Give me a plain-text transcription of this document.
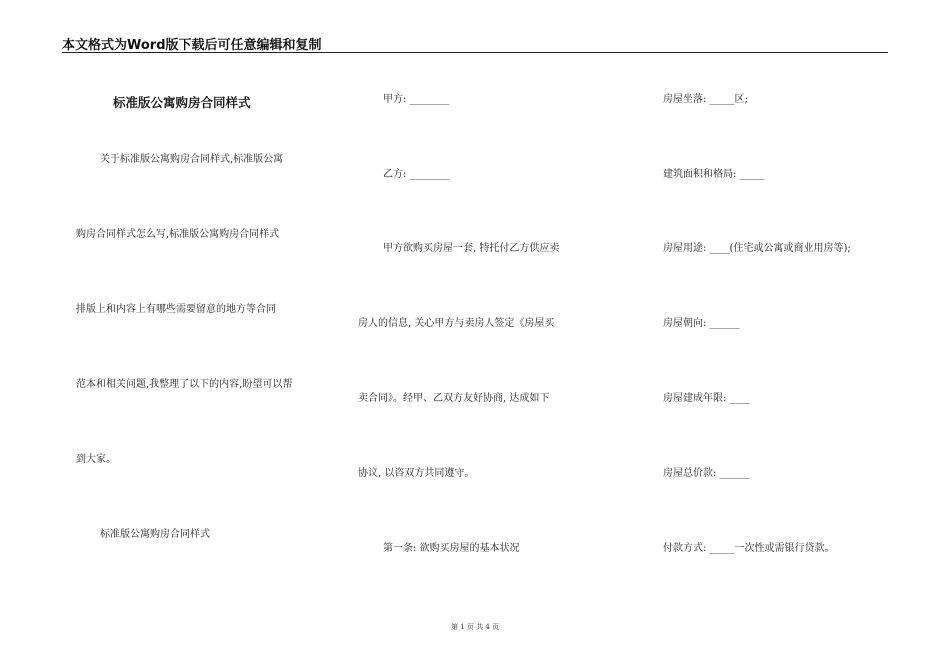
本文格式为Word版下载后可任意编辑和复制
标准版公寓购房合同样式
关于标准版公寓购房合同样式,标准版公寓
购房合同样式怎么写,标准版公寓购房合同样式
排版上和内容上有哪些需要留意的地方等合同
范本和相关问题,我整理了以下的内容,盼望可以帮
到大家。
标准版公寓购房合同样式
甲方: ________
乙方: ________
甲方欲购买房屋一套, 特托付乙方供应卖
房人的信息, 关心甲方与卖房人签定《房屋买
卖合同》。经甲、乙双方友好协商, 达成如下
协议, 以咨双方共同遵守。
第一条: 欲购买房屋的基本状况
房屋坐落: _____区;
建筑面积和格局: _____
房屋用途: ____(住宅或公寓或商业用房等);
房屋朝向: ______
房屋建成年限: ____
房屋总价款: ______
付款方式: _____一次性或需银行贷款。
第 1 页 共 4 页
